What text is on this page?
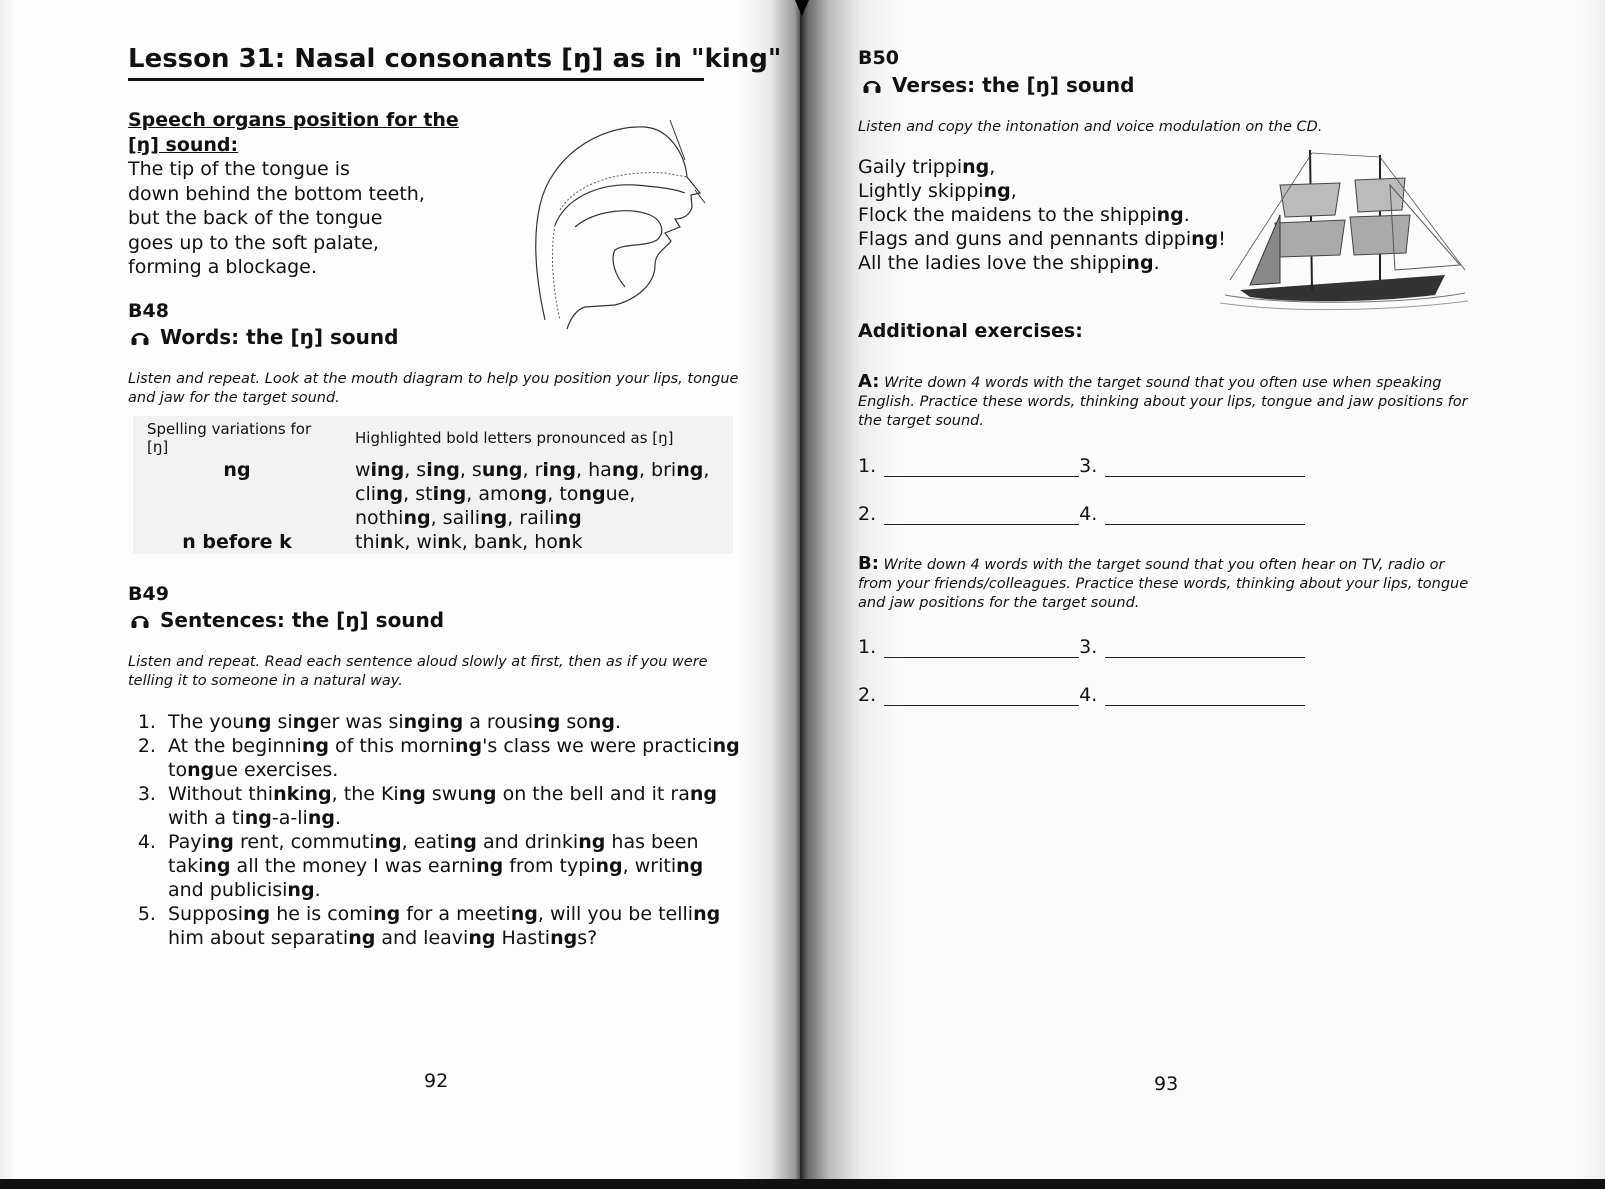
Lesson 31: Nasal consonants [ŋ] as in "king"
Speech organs position for the [ŋ] sound:
The tip of the tongue is
down behind the bottom teeth,
but the back of the tongue
goes up to the soft palate,
forming a blockage.
B48
Words: the [ŋ] sound
Listen and repeat. Look at the mouth diagram to help you position your lips, tongue and jaw for the target sound.
Spelling variations for [ŋ]	Highlighted bold letters pronounced as [ŋ]
ng	wing, sing, sung, ring, hang, bring, cling, sting, among, tongue, nothing, sailing, railing
n before k	think, wink, bank, honk
B49
Sentences: the [ŋ] sound
Listen and repeat. Read each sentence aloud slowly at first, then as if you were telling it to someone in a natural way.
1. The young singer was singing a rousing song.
2. At the beginning of this morning's class we were practicing tongue exercises.
3. Without thinking, the King swung on the bell and it rang with a ting-a-ling.
4. Paying rent, commuting, eating and drinking has been taking all the money I was earning from typing, writing and publicising.
5. Supposing he is coming for a meeting, will you be telling him about separating and leaving Hastings?
92
B50
Verses: the [ŋ] sound
Listen and copy the intonation and voice modulation on the CD.
Gaily tripping,
Lightly skipping,
Flock the maidens to the shipping.
Flags and guns and pennants dipping!
All the ladies love the shipping.
Additional exercises:
A: Write down 4 words with the target sound that you often use when speaking English. Practice these words, thinking about your lips, tongue and jaw positions for the target sound.
1.	3.
2.	4.
B: Write down 4 words with the target sound that you often hear on TV, radio or from your friends/colleagues. Practice these words, thinking about your lips, tongue and jaw positions for the target sound.
1.	3.
2.	4.
93
